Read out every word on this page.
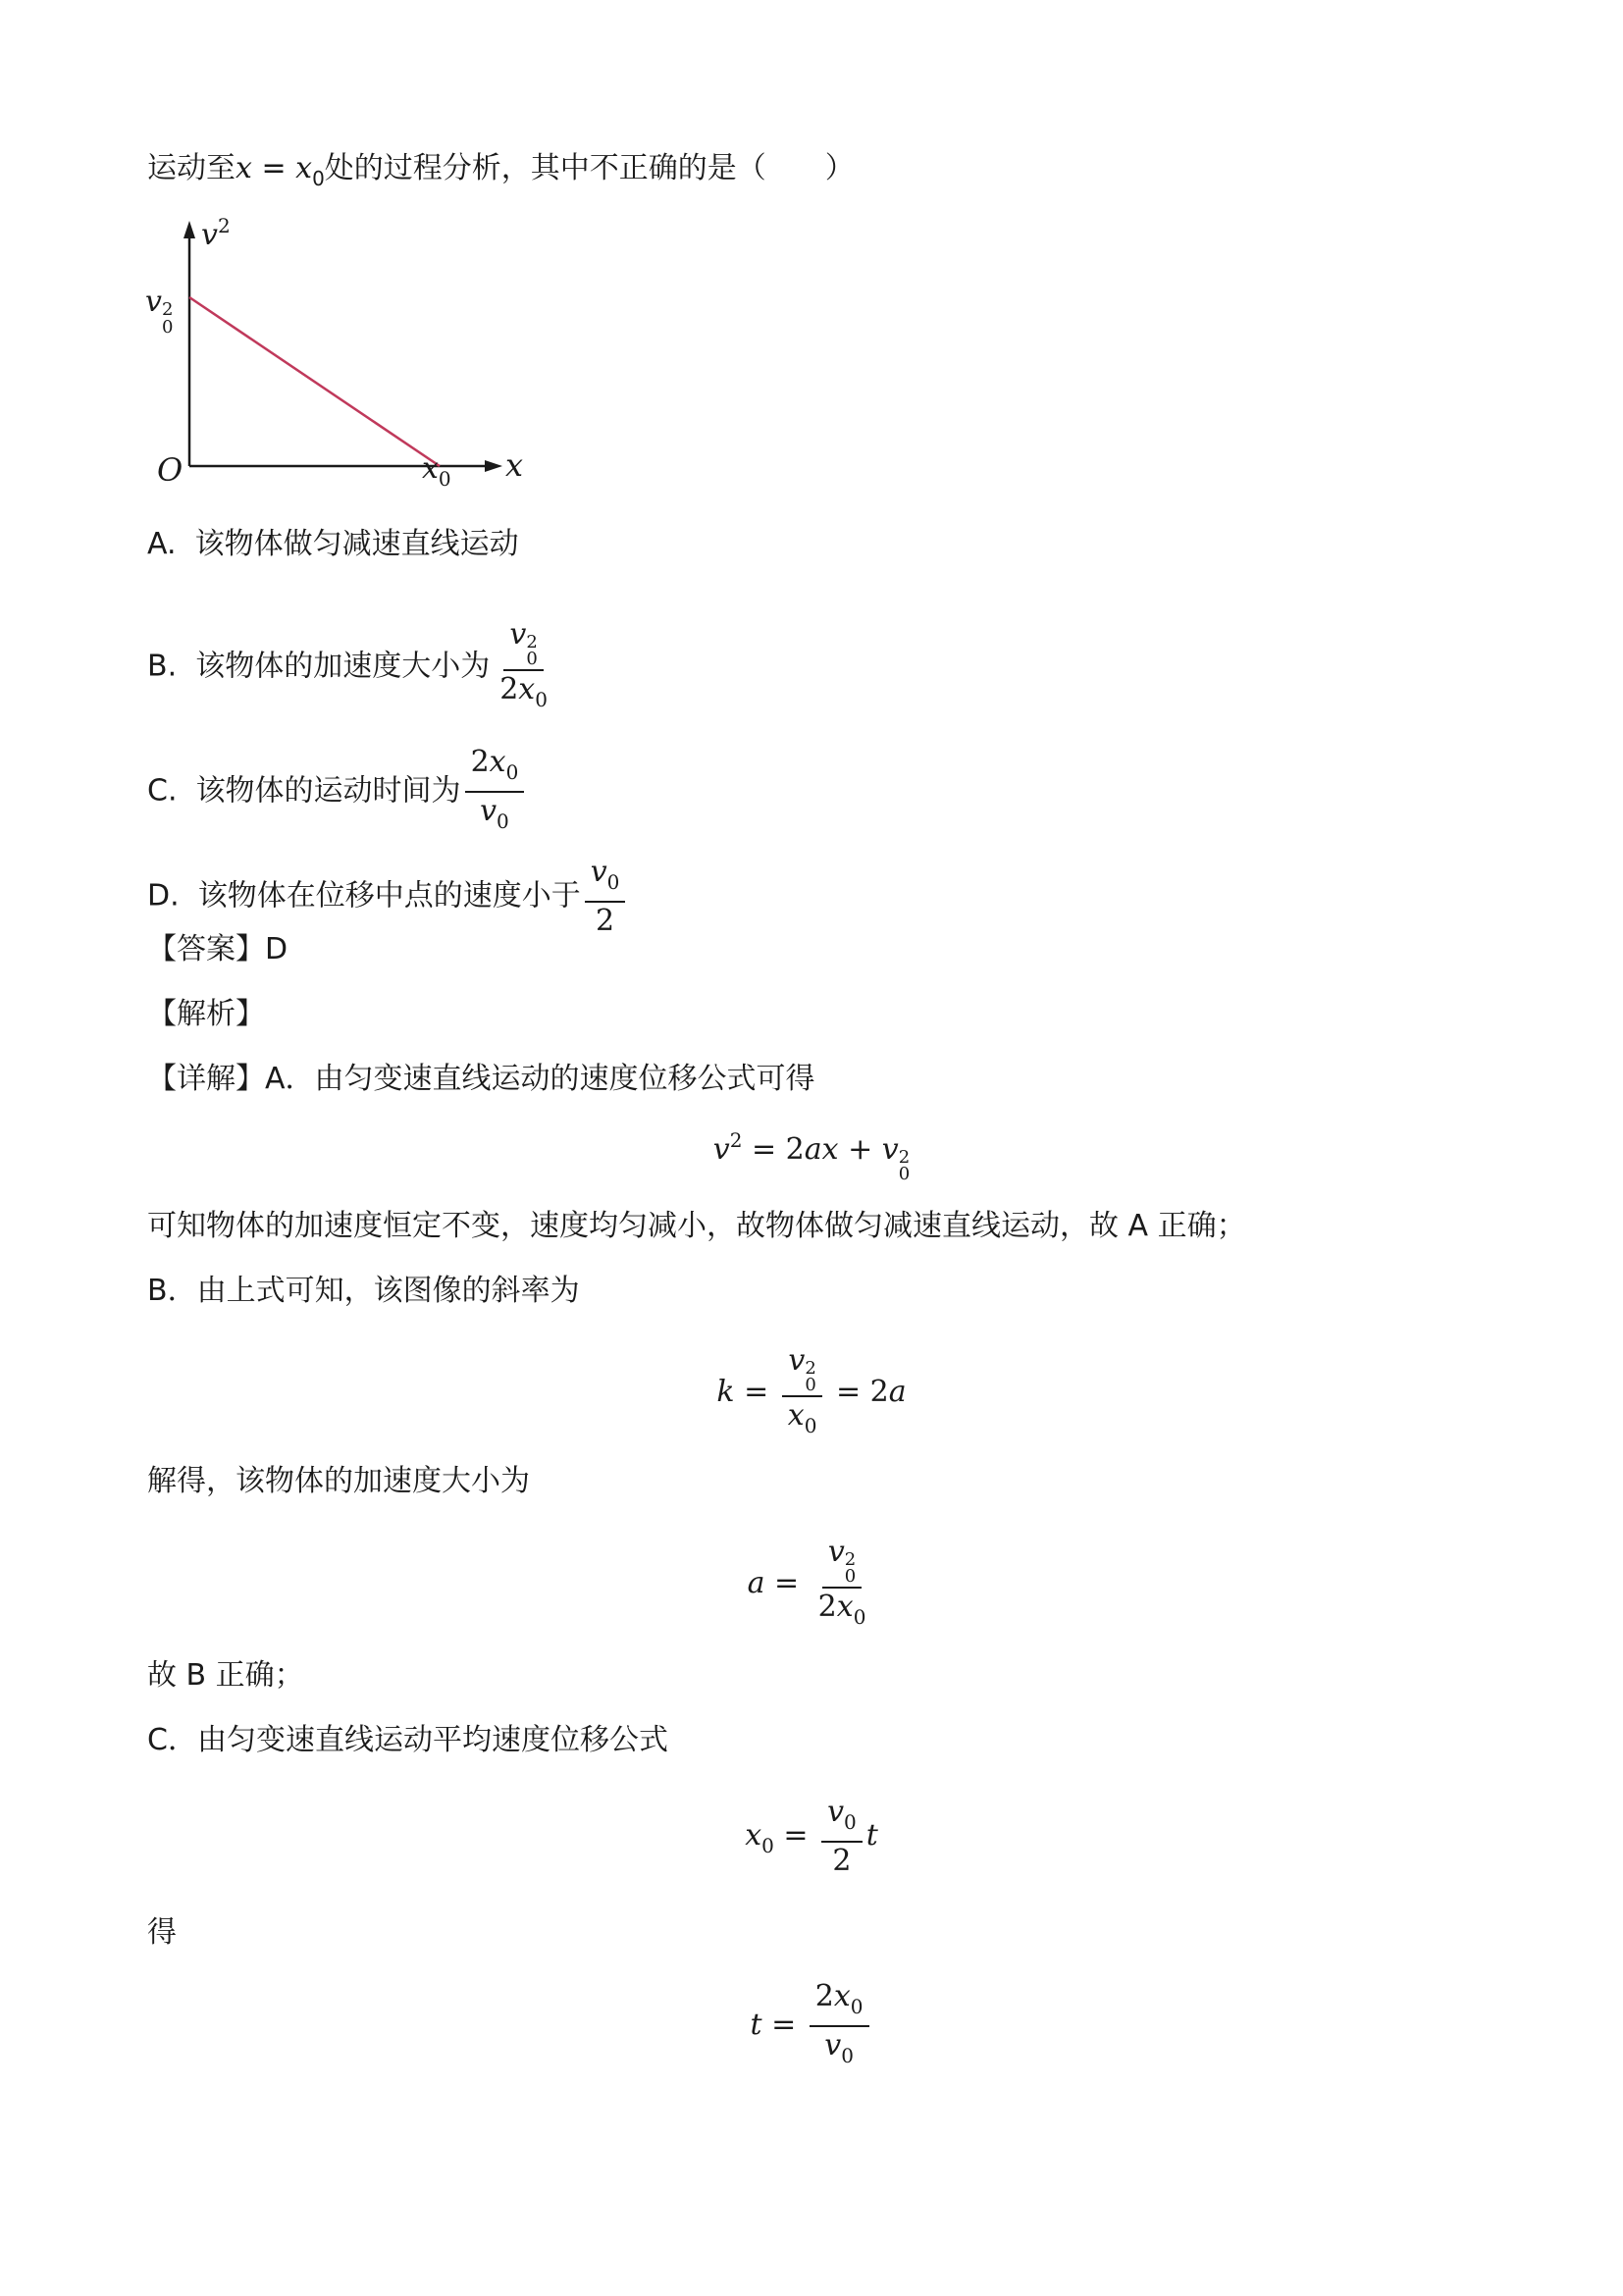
运动至$x = x_0$处的过程分析，其中不正确的是（　　）
$v^2$
v 2
0
O	$x_0$ x
A. 该物体做匀减速直线运动
B. 该物体的加速度大小为 v 2
0
$2x_0$
C. 该物体的运动时间为 $\frac{2x_0}{v_0}$
D. 该物体在位移中点的速度小于 $\frac{v_0}{2}$
【答案】D
【解析】
【详解】A．由匀变速直线运动的速度位移公式可得
$v^2 = 2ax + v$ 2
0
可知物体的加速度恒定不变，速度均匀减小，故物体做匀减速直线运动，故 A 正确；
B．由上式可知，该图像的斜率为
k = v 2
0
$x_0 = 2a$
解得，该物体的加速度大小为
a = v 2
0
$2x_0$
故 B 正确；
C．由匀变速直线运动平均速度位移公式
$x_0 = \frac{v_0}{2}$ t
得
$t = \frac{2x_0}{v_0}$
